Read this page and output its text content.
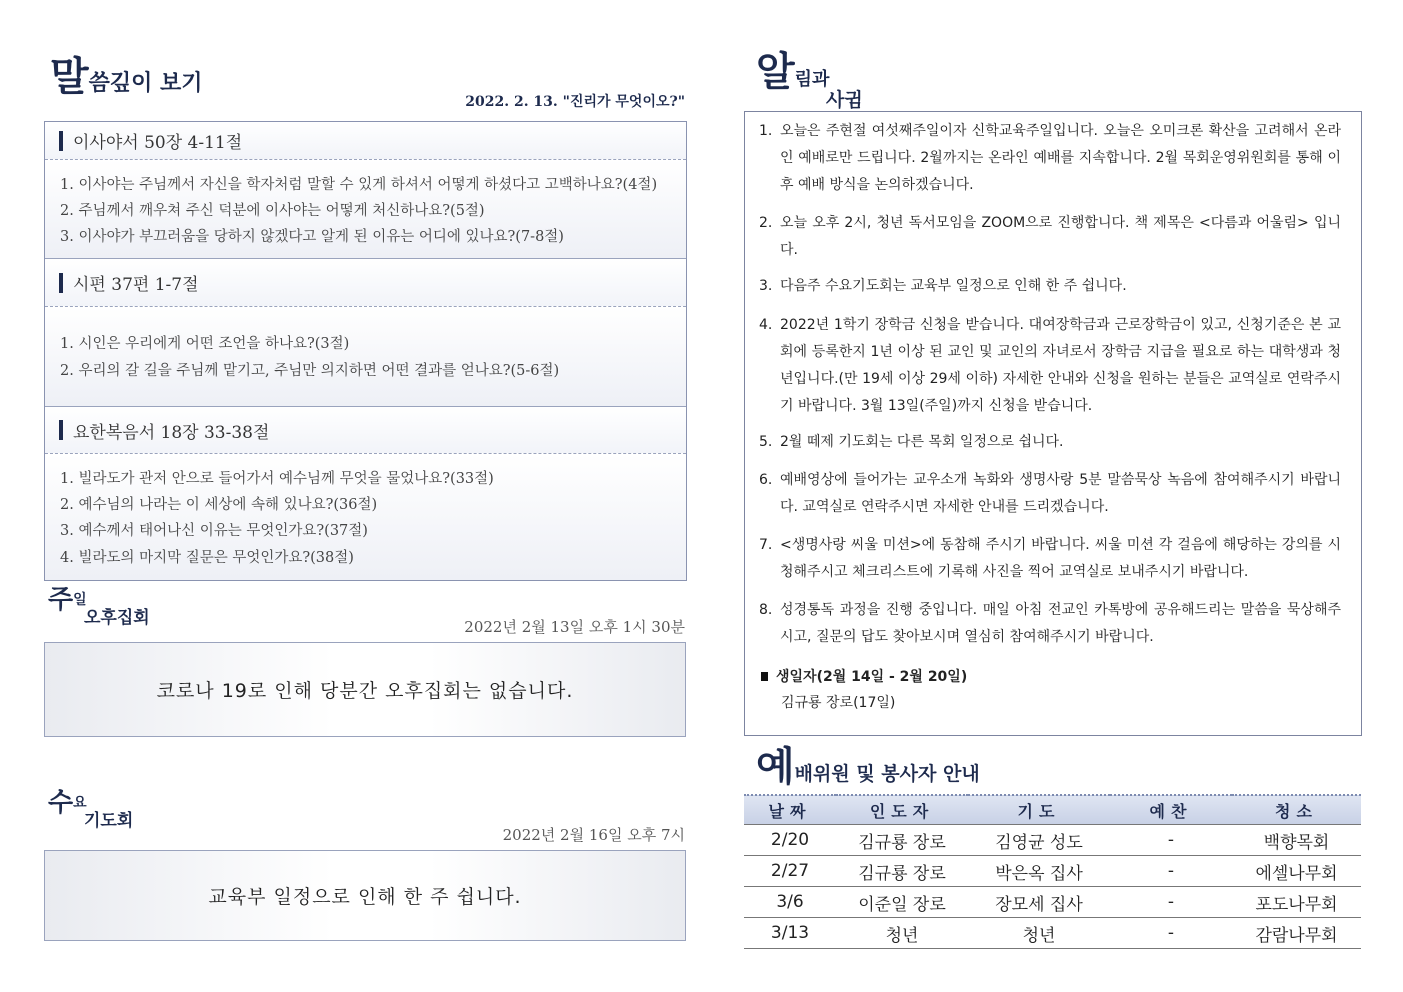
말씀깊이 보기
2022. 2. 13. "진리가 무엇이오?"
이사야서 50장 4-11절
1. 이사야는 주님께서 자신을 학자처럼 말할 수 있게 하셔서 어떻게 하셨다고 고백하나요?(4절)
2. 주님께서 깨우쳐 주신 덕분에 이사야는 어떻게 처신하나요?(5절)
3. 이사야가 부끄러움을 당하지 않겠다고 알게 된 이유는 어디에 있나요?(7-8절)
시편 37편 1-7절
1. 시인은 우리에게 어떤 조언을 하나요?(3절)
2. 우리의 갈 길을 주님께 맡기고, 주님만 의지하면 어떤 결과를 얻나요?(5-6절)
요한복음서 18장 33-38절
1. 빌라도가 관저 안으로 들어가서 예수님께 무엇을 물었나요?(33절)
2. 예수님의 나라는 이 세상에 속해 있나요?(36절)
3. 예수께서 태어나신 이유는 무엇인가요?(37절)
4. 빌라도의 마지막 질문은 무엇인가요?(38절)
주일
오후집회	2022년 2월 13일 오후 1시 30분
코로나 19로 인해 당분간 오후집회는 없습니다.
수요
기도회
2022년 2월 16일 오후 7시
교육부 일정으로 인해 한 주 쉽니다.
알림과
사귐
1. 오늘은 주현절 여섯째주일이자 신학교육주일입니다. 오늘은 오미크론 확산을 고려해서 온라인 예배로만 드립니다. 2월까지는 온라인 예배를 지속합니다. 2월 목회운영위원회를 통해 이후 예배 방식을 논의하겠습니다.
2. 오늘 오후 2시, 청년 독서모임을 ZOOM으로 진행합니다. 책 제목은 <다름과 어울림> 입니다.
3. 다음주 수요기도회는 교육부 일정으로 인해 한 주 쉽니다.
4. 2022년 1학기 장학금 신청을 받습니다. 대여장학금과 근로장학금이 있고, 신청기준은 본 교회에 등록한지 1년 이상 된 교인 및 교인의 자녀로서 장학금 지급을 필요로 하는 대학생과 청년입니다.(만 19세 이상 29세 이하) 자세한 안내와 신청을 원하는 분들은 교역실로 연락주시기 바랍니다. 3월 13일(주일)까지 신청을 받습니다.
5. 2월 떼제 기도회는 다른 목회 일정으로 쉽니다.
6. 예배영상에 들어가는 교우소개 녹화와 생명사랑 5분 말씀묵상 녹음에 참여해주시기 바랍니다. 교역실로 연락주시면 자세한 안내를 드리겠습니다.
7. <생명사랑 씨울 미션>에 동참해 주시기 바랍니다. 씨울 미션 각 걸음에 해당하는 강의를 시청해주시고 체크리스트에 기록해 사진을 찍어 교역실로 보내주시기 바랍니다.
8. 성경통독 과정을 진행 중입니다. 매일 아침 전교인 카톡방에 공유해드리는 말씀을 묵상해주시고, 질문의 답도 찾아보시며 열심히 참여해주시기 바랍니다.
생일자(2월 14일 - 2월 20일)
김규룡 장로(17일)
예배위원 및 봉사자 안내
날짜	인도자	기도	예찬	청소
2/20	김규룡 장로	김영균 성도	-	백향목회
2/27	김규룡 장로	박은옥 집사	-	에셀나무회
3/6	이준일 장로	장모세 집사	-	포도나무회
3/13	청년	청년	-	감람나무회
